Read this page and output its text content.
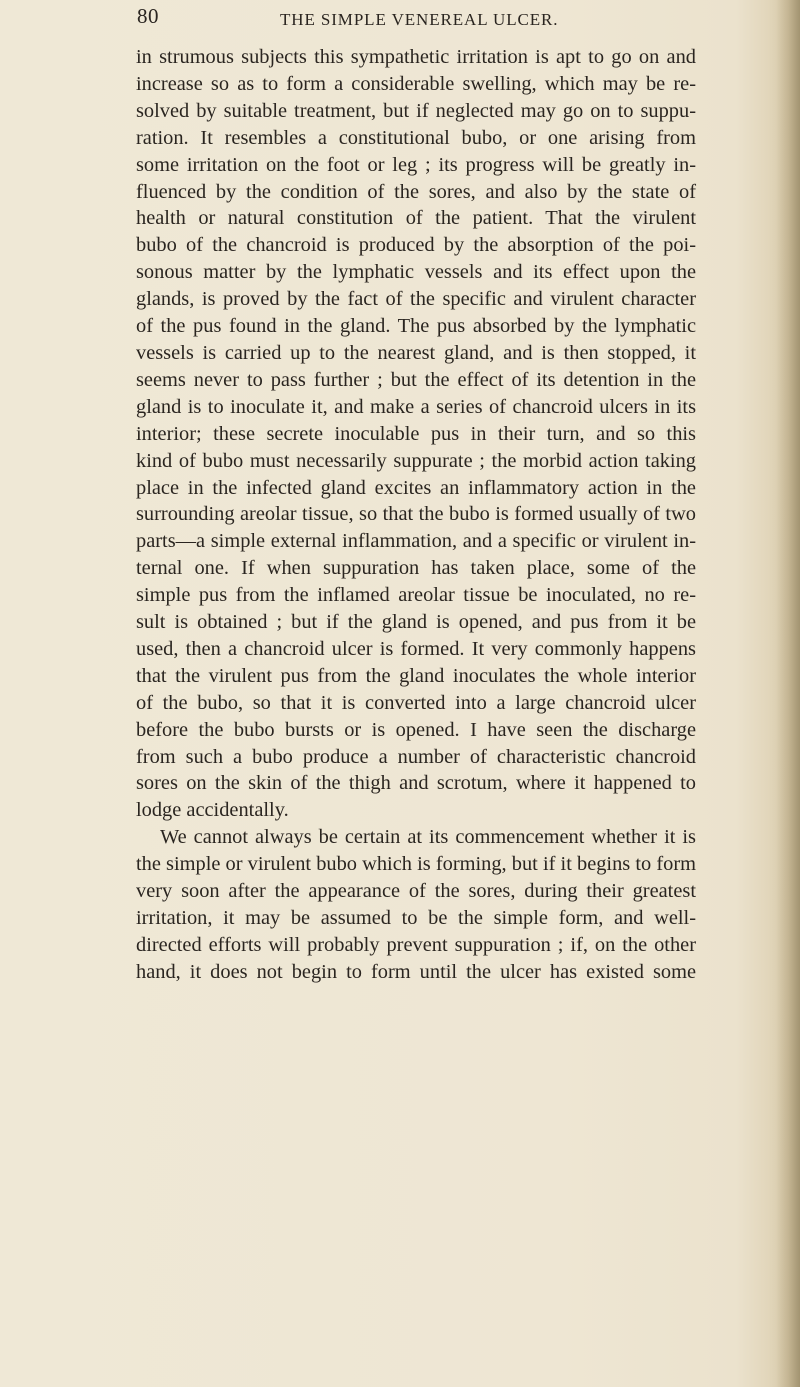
80	THE SIMPLE VENEREAL ULCER.

in strumous subjects this sympathetic irritation is apt to go on and

increase so as to form a considerable swelling, which may be re-

solved by suitable treatment, but if neglected may go on to suppu-

ration. It resembles a constitutional bubo, or one arising from

some irritation on the foot or leg ; its progress will be greatly in-

fluenced by the condition of the sores, and also by the state of

health or natural constitution of the patient. That the virulent

bubo of the chancroid is produced by the absorption of the poi-

sonous matter by the lymphatic vessels and its effect upon the

glands, is proved by the fact of the specific and virulent character

of the pus found in the gland. The pus absorbed by the lymphatic

vessels is carried up to the nearest gland, and is then stopped, it

seems never to pass further ; but the effect of its detention in the

gland is to inoculate it, and make a series of chancroid ulcers in its

interior; these secrete inoculable pus in their turn, and so this

kind of bubo must necessarily suppurate ; the morbid action taking

place in the infected gland excites an inflammatory action in the

surrounding areolar tissue, so that the bubo is formed usually of two

parts—a simple external inflammation, and a specific or virulent in-

ternal one. If when suppuration has taken place, some of the

simple pus from the inflamed areolar tissue be inoculated, no re-

sult is obtained ; but if the gland is opened, and pus from it be

used, then a chancroid ulcer is formed. It very commonly happens

that the virulent pus from the gland inoculates the whole interior

of the bubo, so that it is converted into a large chancroid ulcer

before the bubo bursts or is opened. I have seen the discharge

from such a bubo produce a number of characteristic chancroid

sores on the skin of the thigh and scrotum, where it happened to

lodge accidentally.

We cannot always be certain at its commencement whether it is

the simple or virulent bubo which is forming, but if it begins to form

very soon after the appearance of the sores, during their greatest

irritation, it may be assumed to be the simple form, and well-

directed efforts will probably prevent suppuration ; if, on the other

hand, it does not begin to form until the ulcer has existed some
